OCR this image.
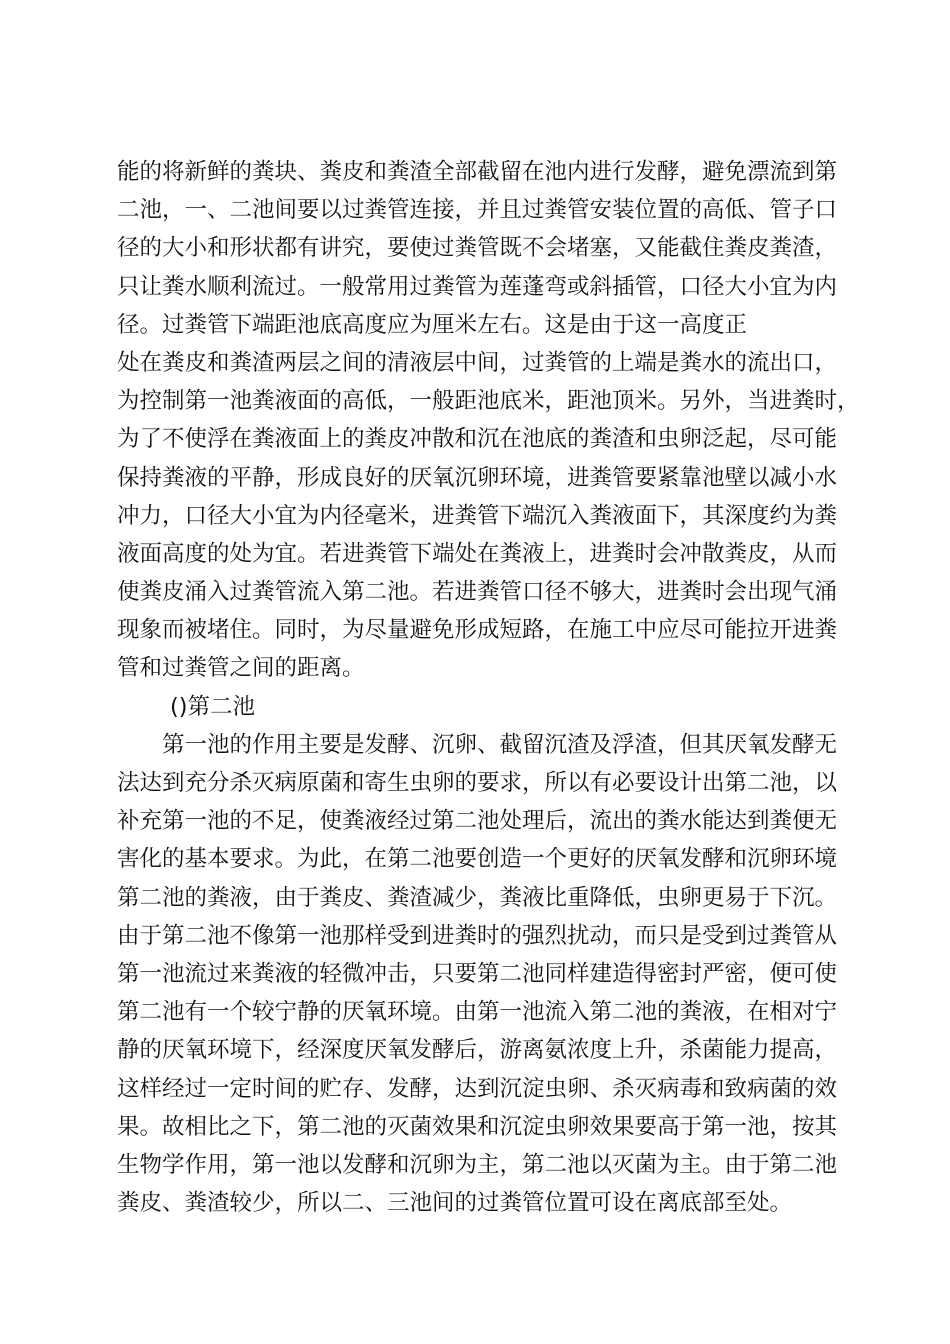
能的将新鲜的粪块、粪皮和粪渣全部截留在池内进行发酵，避免漂流到第
二池，一、二池间要以过粪管连接，并且过粪管安装位置的高低、管子口
径的大小和形状都有讲究，要使过粪管既不会堵塞，又能截住粪皮粪渣，
只让粪水顺利流过。一般常用过粪管为莲蓬弯或斜插管，口径大小宜为内
径。过粪管下端距池底高度应为厘米左右。这是由于这一高度正
处在粪皮和粪渣两层之间的清液层中间，过粪管的上端是粪水的流出口，
为控制第一池粪液面的高低，一般距池底米，距池顶米。另外，当进粪时，
为了不使浮在粪液面上的粪皮冲散和沉在池底的粪渣和虫卵泛起，尽可能
保持粪液的平静，形成良好的厌氧沉卵环境，进粪管要紧靠池壁以减小水
冲力，口径大小宜为内径毫米，进粪管下端沉入粪液面下，其深度约为粪
液面高度的处为宜。若进粪管下端处在粪液上，进粪时会冲散粪皮，从而
使粪皮涌入过粪管流入第二池。若进粪管口径不够大，进粪时会出现气涌
现象而被堵住。同时，为尽量避免形成短路，在施工中应尽可能拉开进粪
管和过粪管之间的距离。
()第二池
第一池的作用主要是发酵、沉卵、截留沉渣及浮渣，但其厌氧发酵无
法达到充分杀灭病原菌和寄生虫卵的要求，所以有必要设计出第二池，以
补充第一池的不足，使粪液经过第二池处理后，流出的粪水能达到粪便无
害化的基本要求。为此，在第二池要创造一个更好的厌氧发酵和沉卵环境
第二池的粪液，由于粪皮、粪渣减少，粪液比重降低，虫卵更易于下沉。
由于第二池不像第一池那样受到进粪时的强烈扰动，而只是受到过粪管从
第一池流过来粪液的轻微冲击，只要第二池同样建造得密封严密，便可使
第二池有一个较宁静的厌氧环境。由第一池流入第二池的粪液，在相对宁
静的厌氧环境下，经深度厌氧发酵后，游离氨浓度上升，杀菌能力提高，
这样经过一定时间的贮存、发酵，达到沉淀虫卵、杀灭病毒和致病菌的效
果。故相比之下，第二池的灭菌效果和沉淀虫卵效果要高于第一池，按其
生物学作用，第一池以发酵和沉卵为主，第二池以灭菌为主。由于第二池
粪皮、粪渣较少，所以二、三池间的过粪管位置可设在离底部至处。
